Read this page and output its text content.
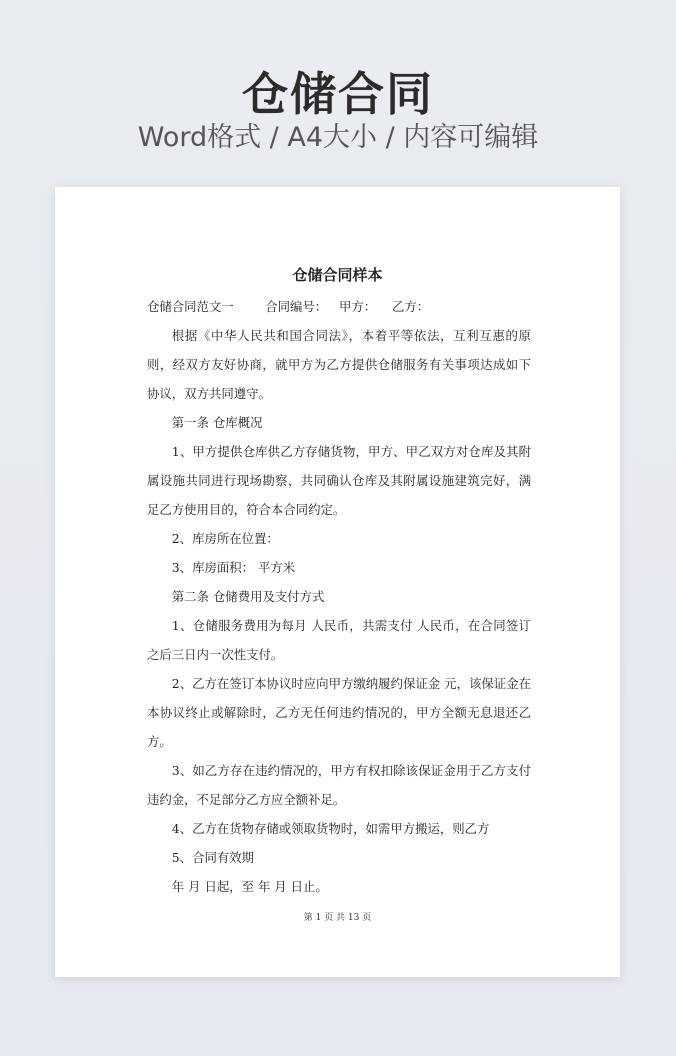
仓储合同
Word格式 / A4大小 / 内容可编辑
仓储合同样本
仓储合同范文一        合同编号：   甲方：    乙方：
根据《中华人民共和国合同法》，本着平等依法，互利互惠的原则，经双方友好协商，就甲方为乙方提供仓储服务有关事项达成如下协议，双方共同遵守。
第一条 仓库概况
1、甲方提供仓库供乙方存储货物，甲方、甲乙双方对仓库及其附属设施共同进行现场勘察，共同确认仓库及其附属设施建筑完好，满足乙方使用目的，符合本合同约定。
2、库房所在位置：
3、库房面积： 平方米
第二条 仓储费用及支付方式
1、仓储服务费用为每月 人民币，共需支付 人民币，在合同签订之后三日内一次性支付。
2、乙方在签订本协议时应向甲方缴纳履约保证金 元，该保证金在本协议终止或解除时，乙方无任何违约情况的，甲方全额无息退还乙方。
3、如乙方存在违约情况的，甲方有权扣除该保证金用于乙方支付违约金，不足部分乙方应全额补足。
4、乙方在货物存储或领取货物时，如需甲方搬运，则乙方
5、合同有效期
年 月 日起，至 年 月 日止。
第 1 页 共 13 页
